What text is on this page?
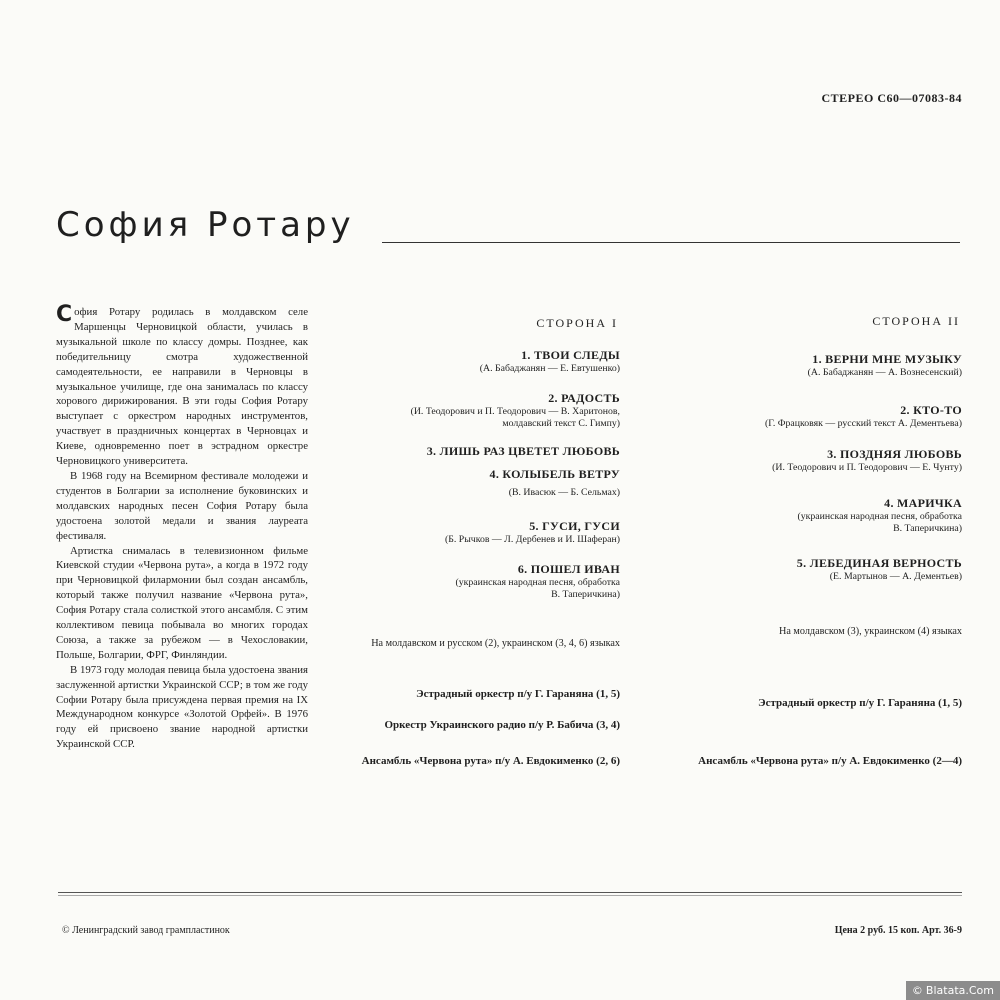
СТЕРЕО С60—07083-84
София Ротару

София Ротару родилась в молдавском селе Маршенцы Черновицкой области, училась в музыкальной школе по классу домры. Позднее, как победительницу смотра художественной самодеятельности, ее направили в Черновцы в музыкальное училище, где она занималась по классу хорового дирижирования. В эти годы София Ротару выступает с оркестром народных инструментов, участвует в праздничных концертах в Черновцах и Киеве, одновременно поет в эстрадном оркестре Черновицкого университета.

В 1968 году на Всемирном фестивале молодежи и студентов в Болгарии за исполнение буковинских и молдавских народных песен София Ротару была удостоена золотой медали и звания лауреата фестиваля.

Артистка снималась в телевизионном фильме Киевской студии «Червона рута», а когда в 1972 году при Черновицкой филармонии был создан ансамбль, который также получил название «Червона рута», София Ротару стала солисткой этого ансамбля. С этим коллективом певица побывала во многих городах Союза, а также за рубежом — в Чехословакии, Польше, Болгарии, ФРГ, Финляндии.

В 1973 году молодая певица была удостоена звания заслуженной артистки Украинской ССР; в том же году Софии Ротару была присуждена первая премия на IX Международном конкурсе «Золотой Орфей». В 1976 году ей присвоено звание народной артистки Украинской ССР.

СТОРОНА I
1. ТВОИ СЛЕДЫ
(А. Бабаджанян — Е. Евтушенко)
2. РАДОСТЬ
(И. Теодорович и П. Теодорович — В. Харитонов,
молдавский текст С. Гимпу)
3. ЛИШЬ РАЗ ЦВЕТЕТ ЛЮБОВЬ
4. КОЛЫБЕЛЬ ВЕТРУ
(В. Ивасюк — Б. Сельмах)
5. ГУСИ, ГУСИ
(Б. Рычков — Л. Дербенев и И. Шаферан)
6. ПОШЕЛ ИВАН
(украинская народная песня, обработка
В. Таперичкина)
На молдавском и русском (2), украинском (3, 4, 6) языках
Эстрадный оркестр п/у Г. Гараняна (1, 5)
Оркестр Украинского радио п/у Р. Бабича (3, 4)
Ансамбль «Червона рута» п/у А. Евдокименко (2, 6)
СТОРОНА II
1. ВЕРНИ МНЕ МУЗЫКУ
(А. Бабаджанян — А. Вознесенский)
2. КТО-ТО
(Г. Фрацковяк — русский текст А. Дементьева)
3. ПОЗДНЯЯ ЛЮБОВЬ
(И. Теодорович и П. Теодорович — Е. Чунту)
4. МАРИЧКА
(украинская народная песня, обработка
В. Таперичкина)
5. ЛЕБЕДИНАЯ ВЕРНОСТЬ
(Е. Мартынов — А. Дементьев)
На молдавском (3), украинском (4) языках
Эстрадный оркестр п/у Г. Гараняна (1, 5)
Ансамбль «Червона рута» п/у А. Евдокименко (2—4)
© Ленинградский завод грампластинок	Цена 2 руб. 15 коп. Арт. 36-9
© Blatata.Com
